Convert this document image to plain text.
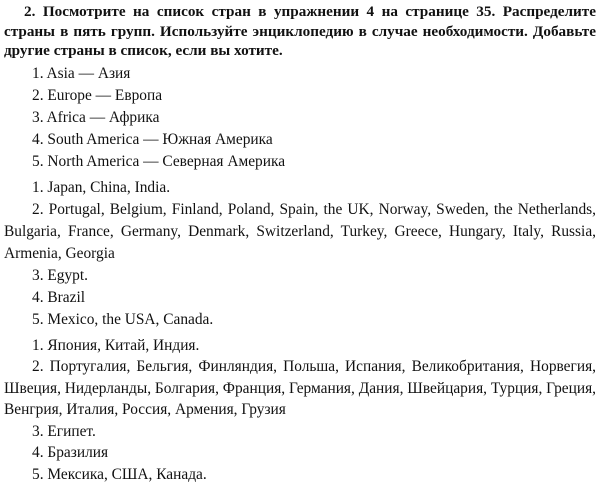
2. Посмотрите на список стран в упражнении 4 на странице 35. Распределите страны в пять групп. Используйте энциклопедию в случае необходимости. Добавьте другие страны в список, если вы хотите.

1. Asia — Азия
2. Europe — Европа
3. Africa — Африка
4. South America — Южная Америка
5. North America — Северная Америка

1. Japan, China, India.

2. Portugal, Belgium, Finland, Poland, Spain, the UK, Norway, Sweden, the Netherlands, Bulgaria, France, Germany, Denmark, Switzerland, Turkey, Greece, Hungary, Italy, Russia, Armenia, Georgia

3. Egypt.

4. Brazil

5. Mexico, the USA, Canada.

1. Япония, Китай, Индия.

2. Португалия, Бельгия, Финляндия, Польша, Испания, Великобритания, Норвегия, Швеция, Нидерланды, Болгария, Франция, Германия, Дания, Швейцария, Турция, Греция, Венгрия, Италия, Россия, Армения, Грузия

3. Египет.

4. Бразилия

5. Мексика, США, Канада.
